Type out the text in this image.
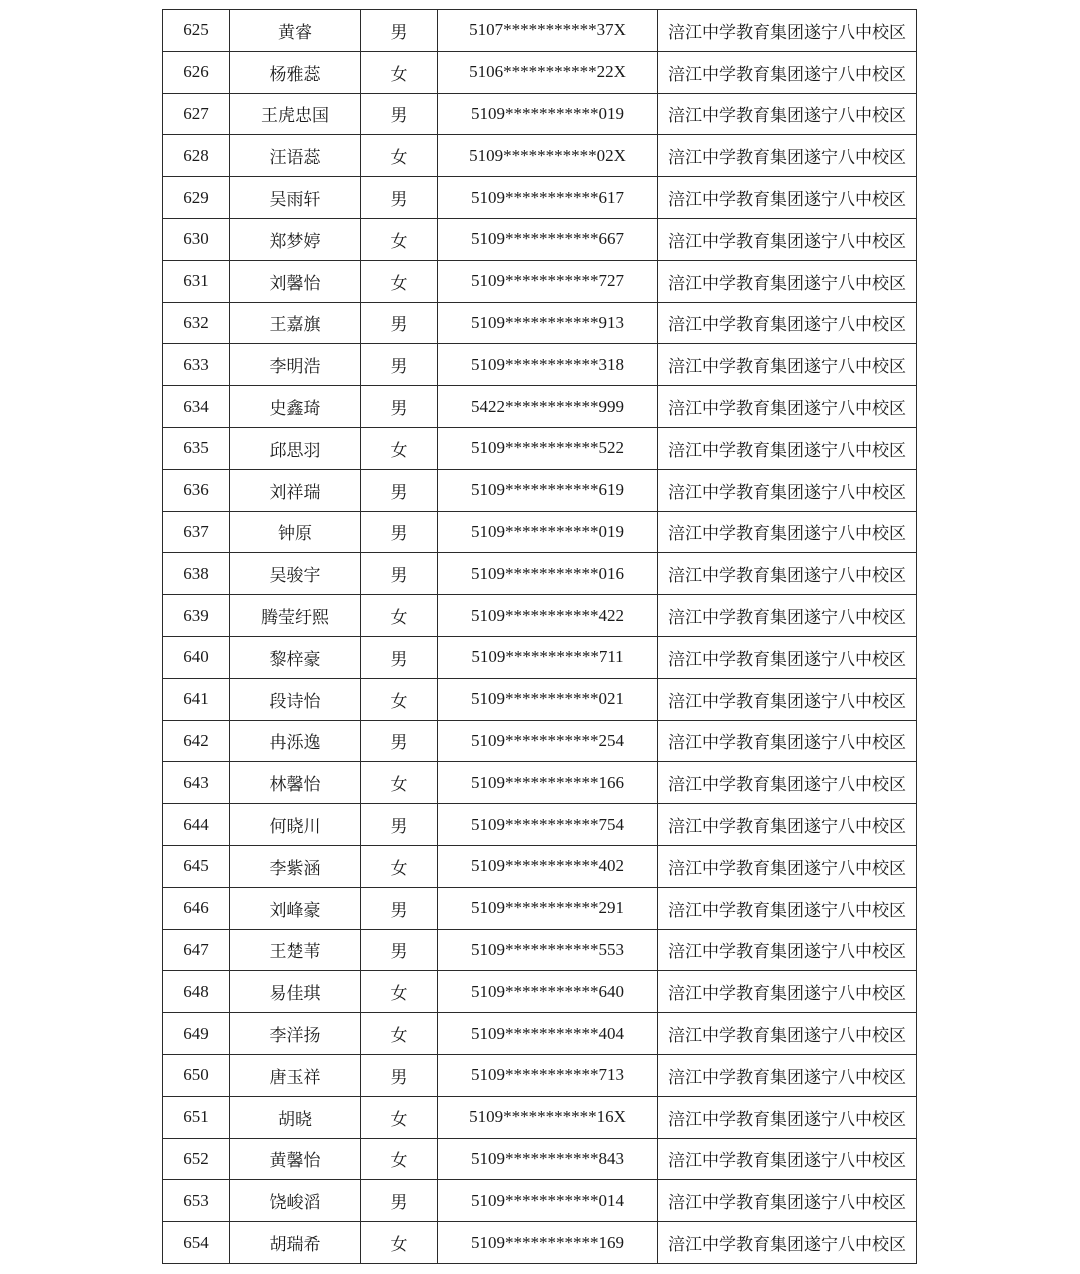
625	黄睿	男	5107***********37X	涪江中学教育集团遂宁八中校区
626	杨雅蕊	女	5106***********22X	涪江中学教育集团遂宁八中校区
627	王虎忠国	男	5109***********019	涪江中学教育集团遂宁八中校区
628	汪语蕊	女	5109***********02X	涪江中学教育集团遂宁八中校区
629	吴雨轩	男	5109***********617	涪江中学教育集团遂宁八中校区
630	郑梦婷	女	5109***********667	涪江中学教育集团遂宁八中校区
631	刘馨怡	女	5109***********727	涪江中学教育集团遂宁八中校区
632	王嘉旗	男	5109***********913	涪江中学教育集团遂宁八中校区
633	李明浩	男	5109***********318	涪江中学教育集团遂宁八中校区
634	史鑫琦	男	5422***********999	涪江中学教育集团遂宁八中校区
635	邱思羽	女	5109***********522	涪江中学教育集团遂宁八中校区
636	刘祥瑞	男	5109***********619	涪江中学教育集团遂宁八中校区
637	钟原	男	5109***********019	涪江中学教育集团遂宁八中校区
638	吴骏宇	男	5109***********016	涪江中学教育集团遂宁八中校区
639	腾莹纡熙	女	5109***********422	涪江中学教育集团遂宁八中校区
640	黎梓豪	男	5109***********711	涪江中学教育集团遂宁八中校区
641	段诗怡	女	5109***********021	涪江中学教育集团遂宁八中校区
642	冉泺逸	男	5109***********254	涪江中学教育集团遂宁八中校区
643	林馨怡	女	5109***********166	涪江中学教育集团遂宁八中校区
644	何晓川	男	5109***********754	涪江中学教育集团遂宁八中校区
645	李紫涵	女	5109***********402	涪江中学教育集团遂宁八中校区
646	刘峰豪	男	5109***********291	涪江中学教育集团遂宁八中校区
647	王楚苇	男	5109***********553	涪江中学教育集团遂宁八中校区
648	易佳琪	女	5109***********640	涪江中学教育集团遂宁八中校区
649	李洋扬	女	5109***********404	涪江中学教育集团遂宁八中校区
650	唐玉祥	男	5109***********713	涪江中学教育集团遂宁八中校区
651	胡晓	女	5109***********16X	涪江中学教育集团遂宁八中校区
652	黄馨怡	女	5109***********843	涪江中学教育集团遂宁八中校区
653	饶峻滔	男	5109***********014	涪江中学教育集团遂宁八中校区
654	胡瑞希	女	5109***********169	涪江中学教育集团遂宁八中校区
